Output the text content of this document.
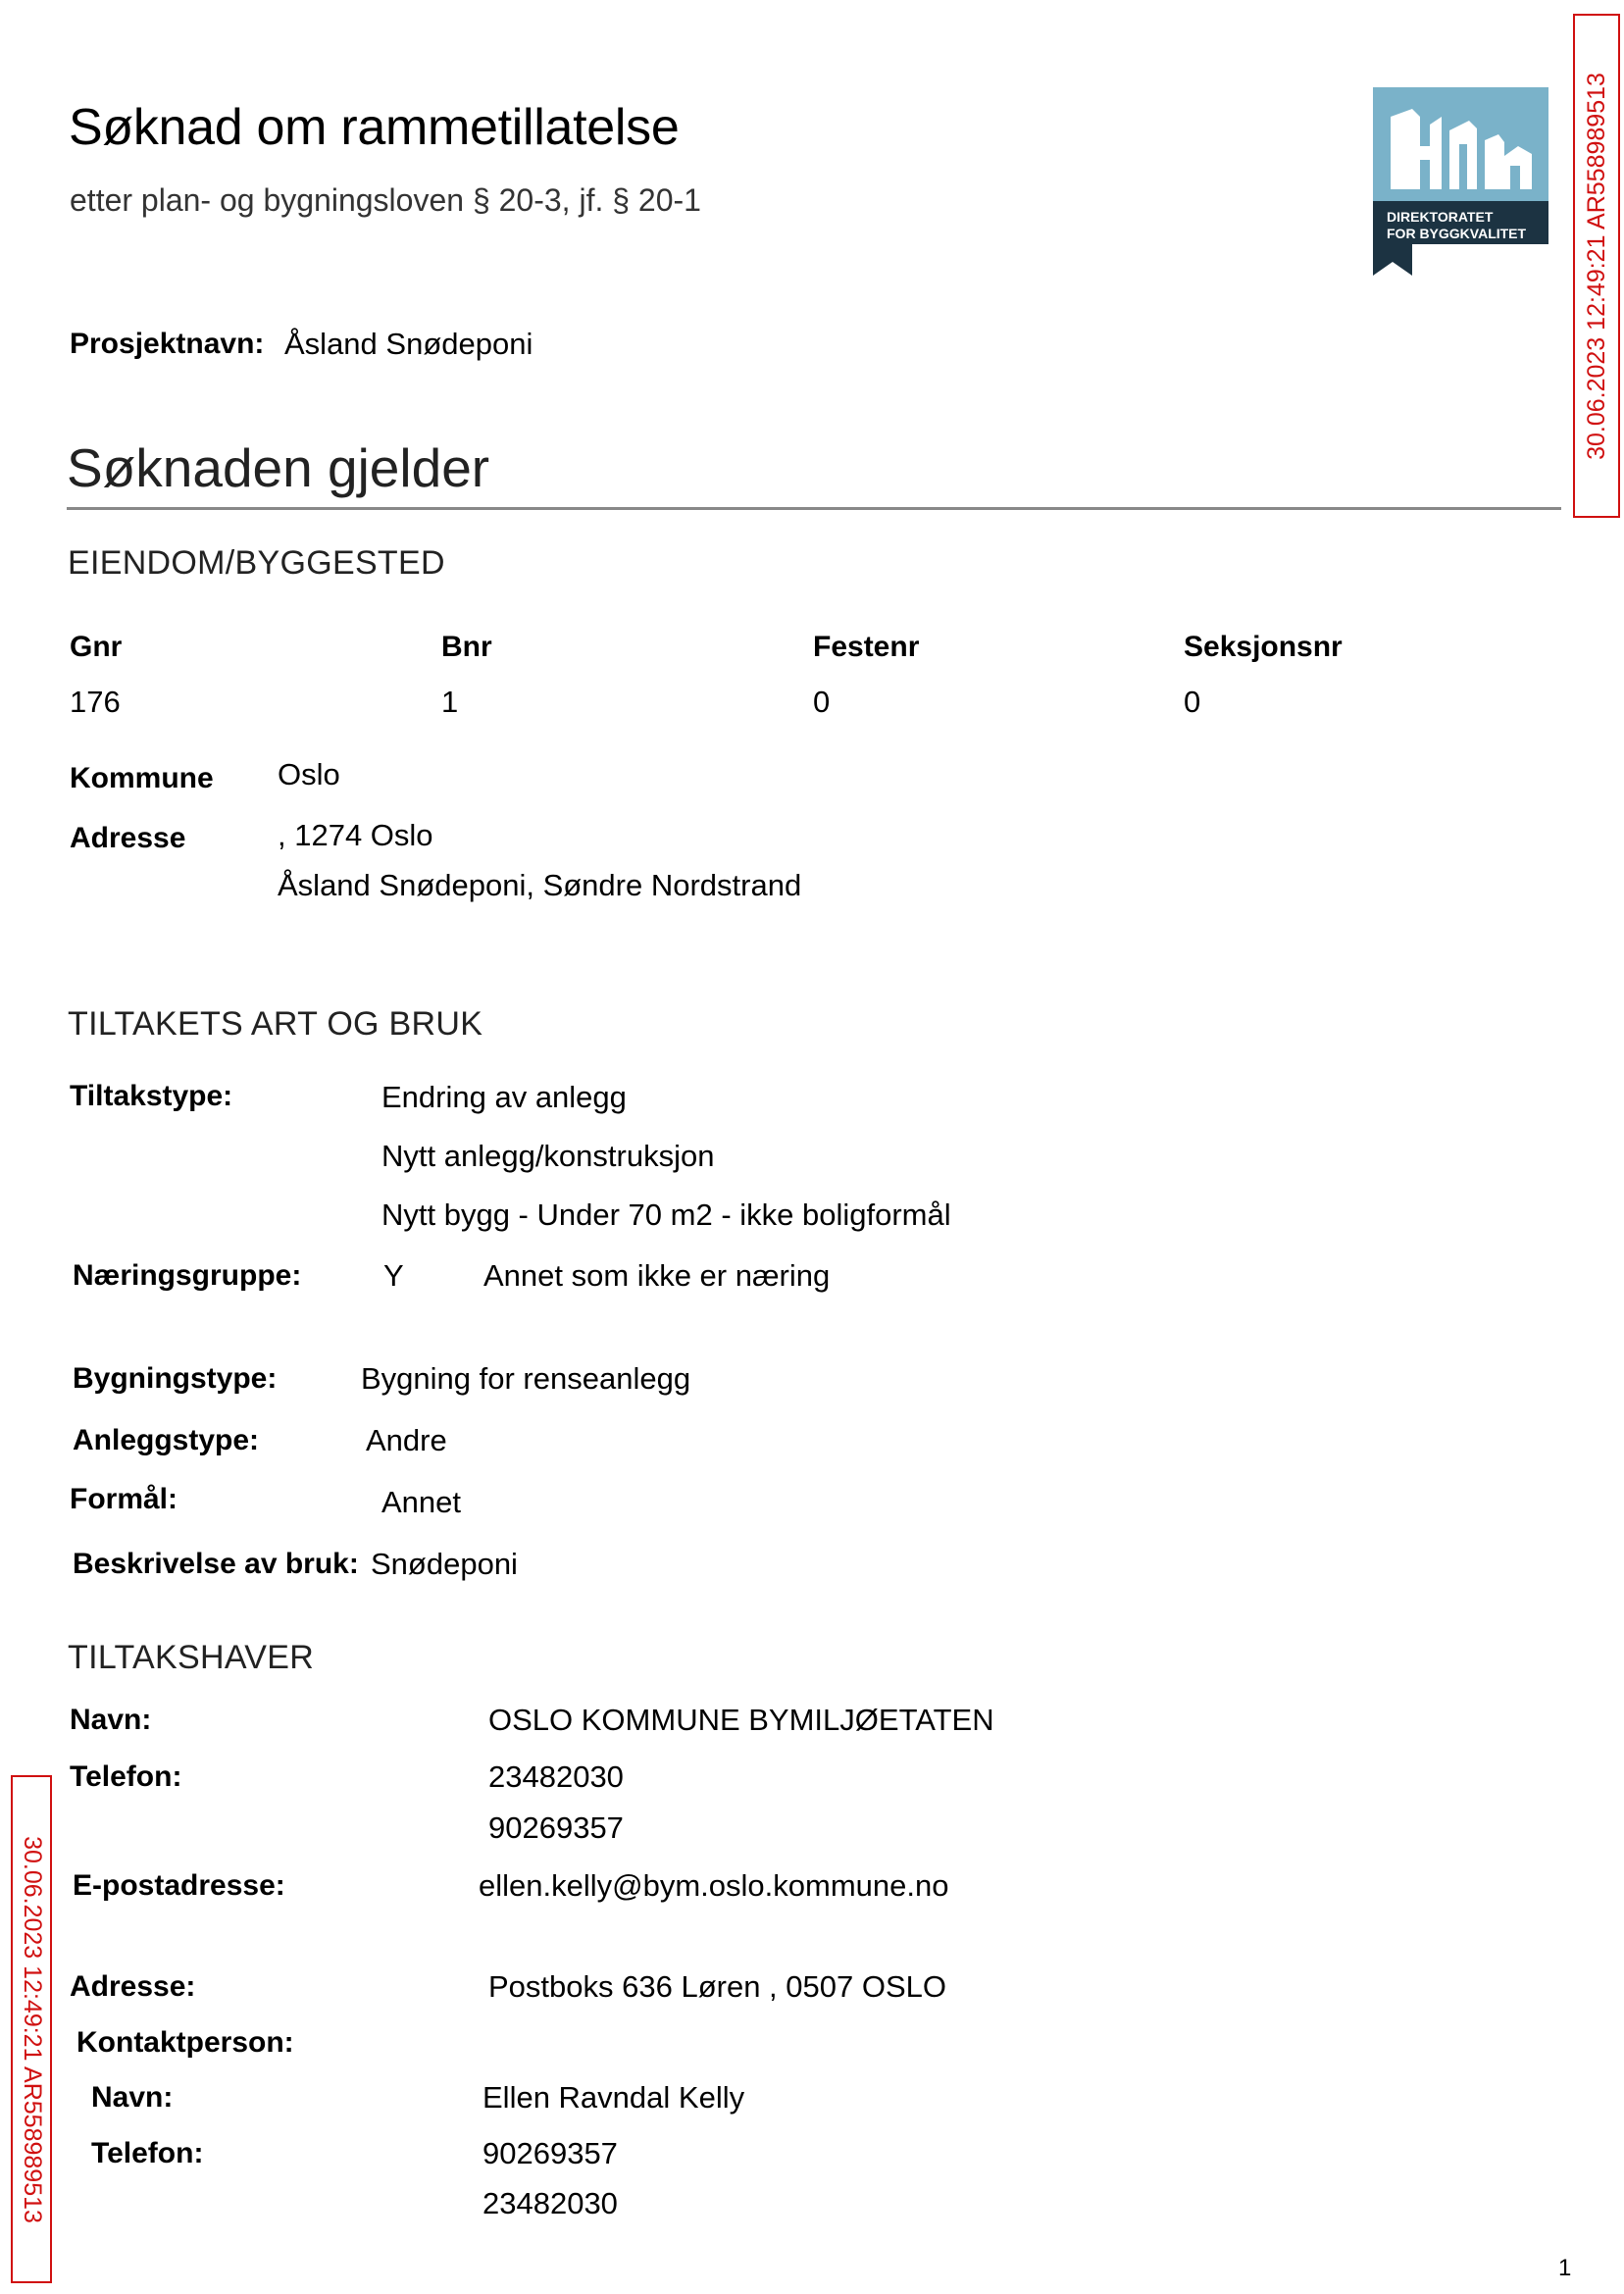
Søknad om rammetillatelse
etter plan- og bygningsloven § 20-3, jf. § 20-1	DIREKTORATET
FOR BYGGKVALITET 30.06.2023 12:49:21 AR558989513
30.06.2023 12:49:21 AR558989513
Prosjektnavn: Åsland Snødeponi
Søknaden gjelder
EIENDOM/BYGGESTED
Gnr	Bnr	Festenr	Seksjonsnr
176	1	0	0
Kommune Oslo
Adresse	, 1274 Oslo
Åsland Snødeponi, Søndre Nordstrand
TILTAKETS ART OG BRUK
Tiltakstype:	Endring av anlegg
Nytt anlegg/konstruksjon
Nytt bygg - Under 70 m2 - ikke boligformål
Næringsgruppe:	Y	Annet som ikke er næring
Bygningstype:	Bygning for renseanlegg
Anleggstype:	Andre
Formål:	Annet
Beskrivelse av bruk: Snødeponi
TILTAKSHAVER
Navn:	OSLO KOMMUNE BYMILJØETATEN
Telefon:	23482030
90269357
E-postadresse:	ellen.kelly@bym.oslo.kommune.no
Adresse:	Postboks 636 Løren , 0507 OSLO
Kontaktperson:
Navn:	Ellen Ravndal Kelly
Telefon:	90269357
23482030
1
